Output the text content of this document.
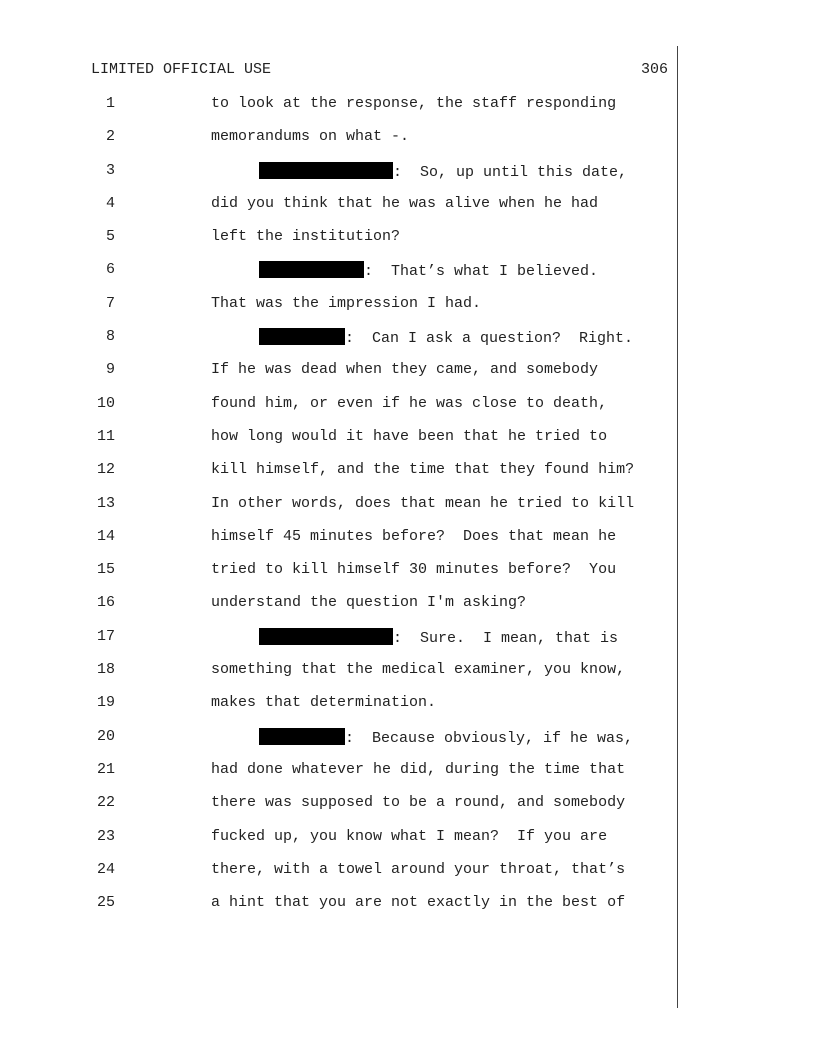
LIMITED OFFICIAL USE	306
1	to look at the response, the staff responding
2	memorandums on what -.
3	:  So, up until this date,
4	did you think that he was alive when he had
5	left the institution?
6	:  That’s what I believed.
7	That was the impression I had.
8	:  Can I ask a question?  Right.
9	If he was dead when they came, and somebody
10	found him, or even if he was close to death,
11	how long would it have been that he tried to
12	kill himself, and the time that they found him?
13	In other words, does that mean he tried to kill
14	himself 45 minutes before?  Does that mean he
15	tried to kill himself 30 minutes before?  You
16	understand the question I'm asking?
17	:  Sure.  I mean, that is
18	something that the medical examiner, you know,
19	makes that determination.
20	:  Because obviously, if he was,
21	had done whatever he did, during the time that
22	there was supposed to be a round, and somebody
23	fucked up, you know what I mean?  If you are
24	there, with a towel around your throat, that’s
25	a hint that you are not exactly in the best of
